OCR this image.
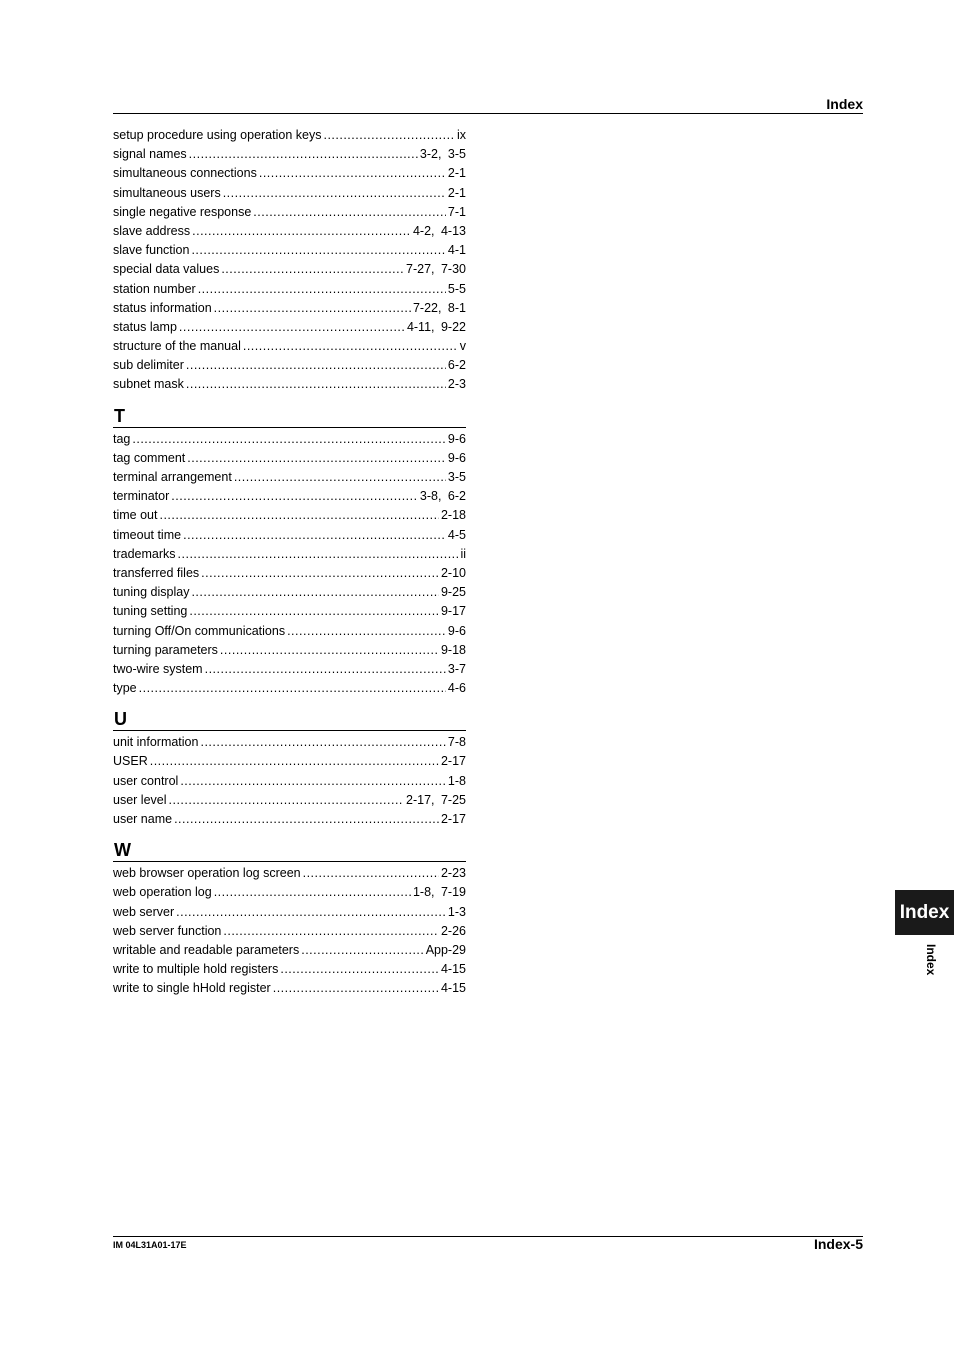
Index
setup procedure using operation keys .....	ix
signal names .....	3-2, 3-5
simultaneous connections .....	2-1
simultaneous users .....	2-1
single negative response .....	7-1
slave address .....	4-2, 4-13
slave function .....	4-1
special data values .....	7-27, 7-30
station number .....	5-5
status information .....	7-22, 8-1
status lamp .....	4-11, 9-22
structure of the manual .....	v
sub delimiter .....	6-2
subnet mask .....	2-3
T
tag .....	9-6
tag comment .....	9-6
terminal arrangement .....	3-5
terminator .....	3-8, 6-2
time out .....	2-18
timeout time .....	4-5
trademarks .....	ii
transferred files .....	2-10
tuning display .....	9-25
tuning setting .....	9-17
turning Off/On communications .....	9-6
turning parameters .....	9-18
two-wire system .....	3-7
type .....	4-6
U
unit information .....	7-8
USER .....	2-17
user control .....	1-8
user level .....	2-17, 7-25
user name .....	2-17
W
web browser operation log screen .....	2-23
web operation log .....	1-8, 7-19
web server .....	1-3
web server function .....	2-26
writable and readable parameters .....	App-29
write to multiple hold registers .....	4-15
write to single hHold register .....	4-15
Index
Index
IM 04L31A01-17E	Index-5
